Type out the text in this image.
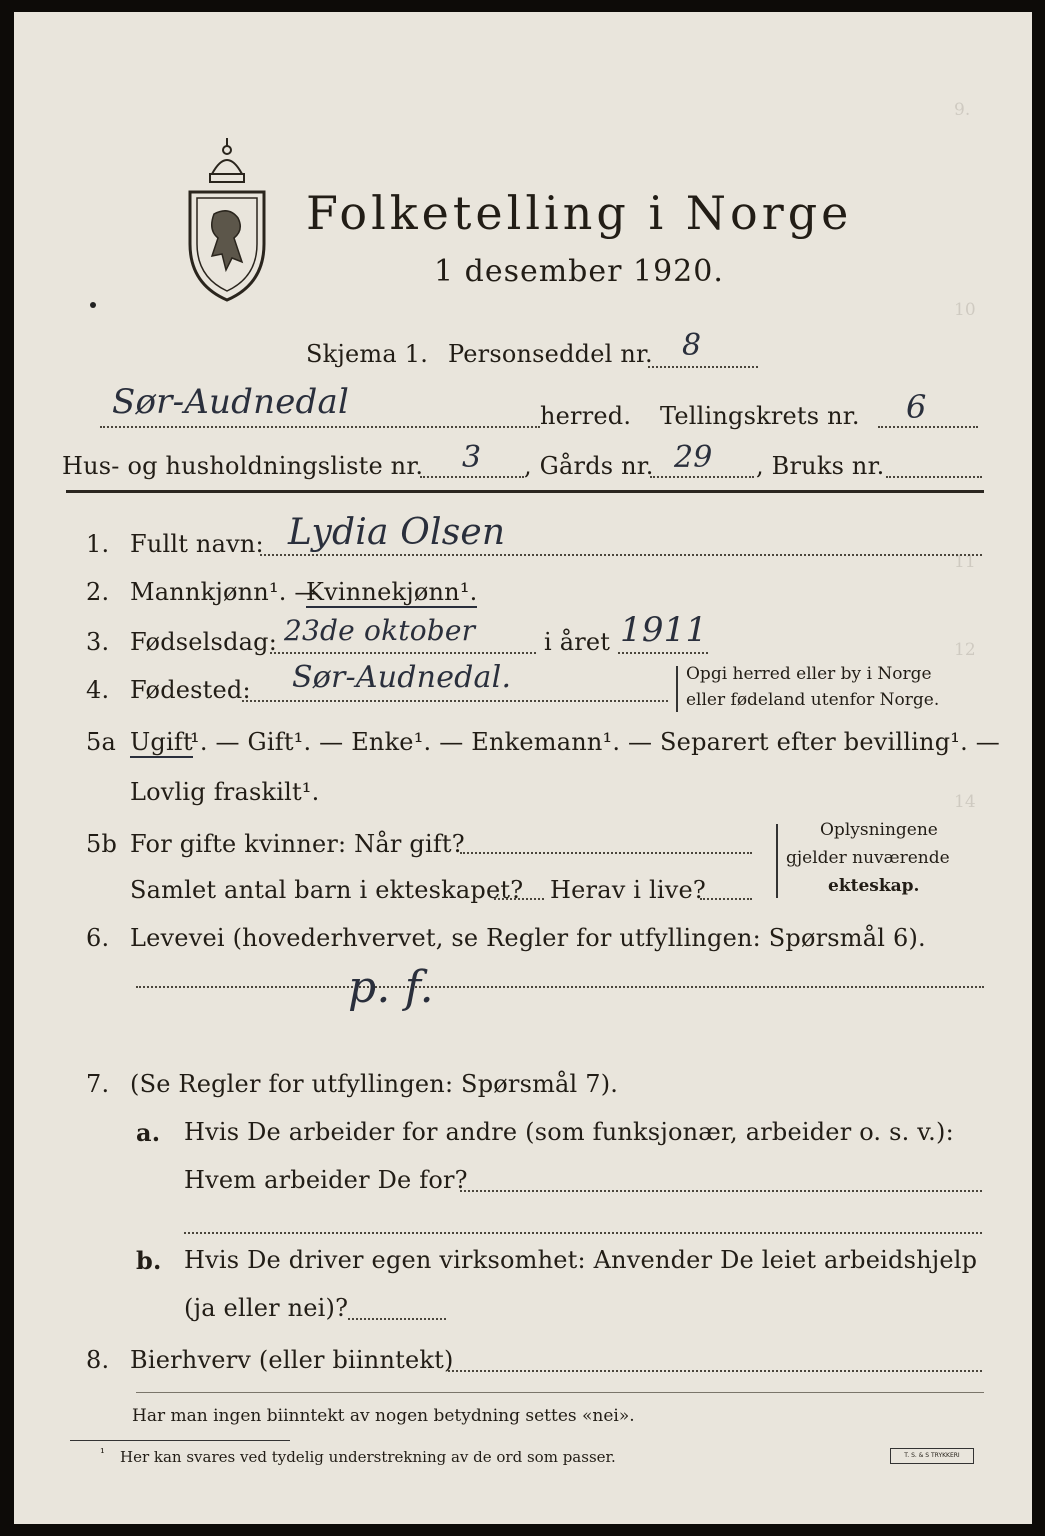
9.
10
11
12
14
Folketelling i Norge
1 desember 1920.
Skjema 1. Personseddel nr. 8
Sør-Audnedal	herred. Tellingskrets nr. 6
Hus- og husholdningsliste nr. 3 , Gårds nr. 29 , Bruks nr.
1. Fullt navn: Lydia Olsen
2. Mannkjønn¹. —
Kvinnekjønn¹.
3. Fødselsdag: 23de oktober	i året 1911
4. Fødested: Sør-Audnedal.	Opgi herred eller by i Norge
eller fødeland utenfor Norge.
5a Ugift
¹. — Gift¹. — Enke¹. — Enkemann¹. — Separert efter bevilling¹. —
Lovlig fraskilt¹.
5b For gifte kvinner: Når gift?
Samlet antal barn i ekteskapet? Herav i live?
Oplysningene
gjelder nuværende
ekteskap.
6. Levevei (hovederhvervet, se Regler for utfyllingen: Spørsmål 6).
p. f.
7. (Se Regler for utfyllingen: Spørsmål 7).
a. Hvis De arbeider for andre (som funksjonær, arbeider o. s. v.):
Hvem arbeider De for?
b. Hvis De driver egen virksomhet: Anvender De leiet arbeidshjelp
(ja eller nei)?
8. Bierhverv (eller biinntekt)
Har man ingen biinntekt av nogen betydning settes «nei».
¹ Her kan svares ved tydelig understrekning av de ord som passer.	T. S. & S TRYKKERI
